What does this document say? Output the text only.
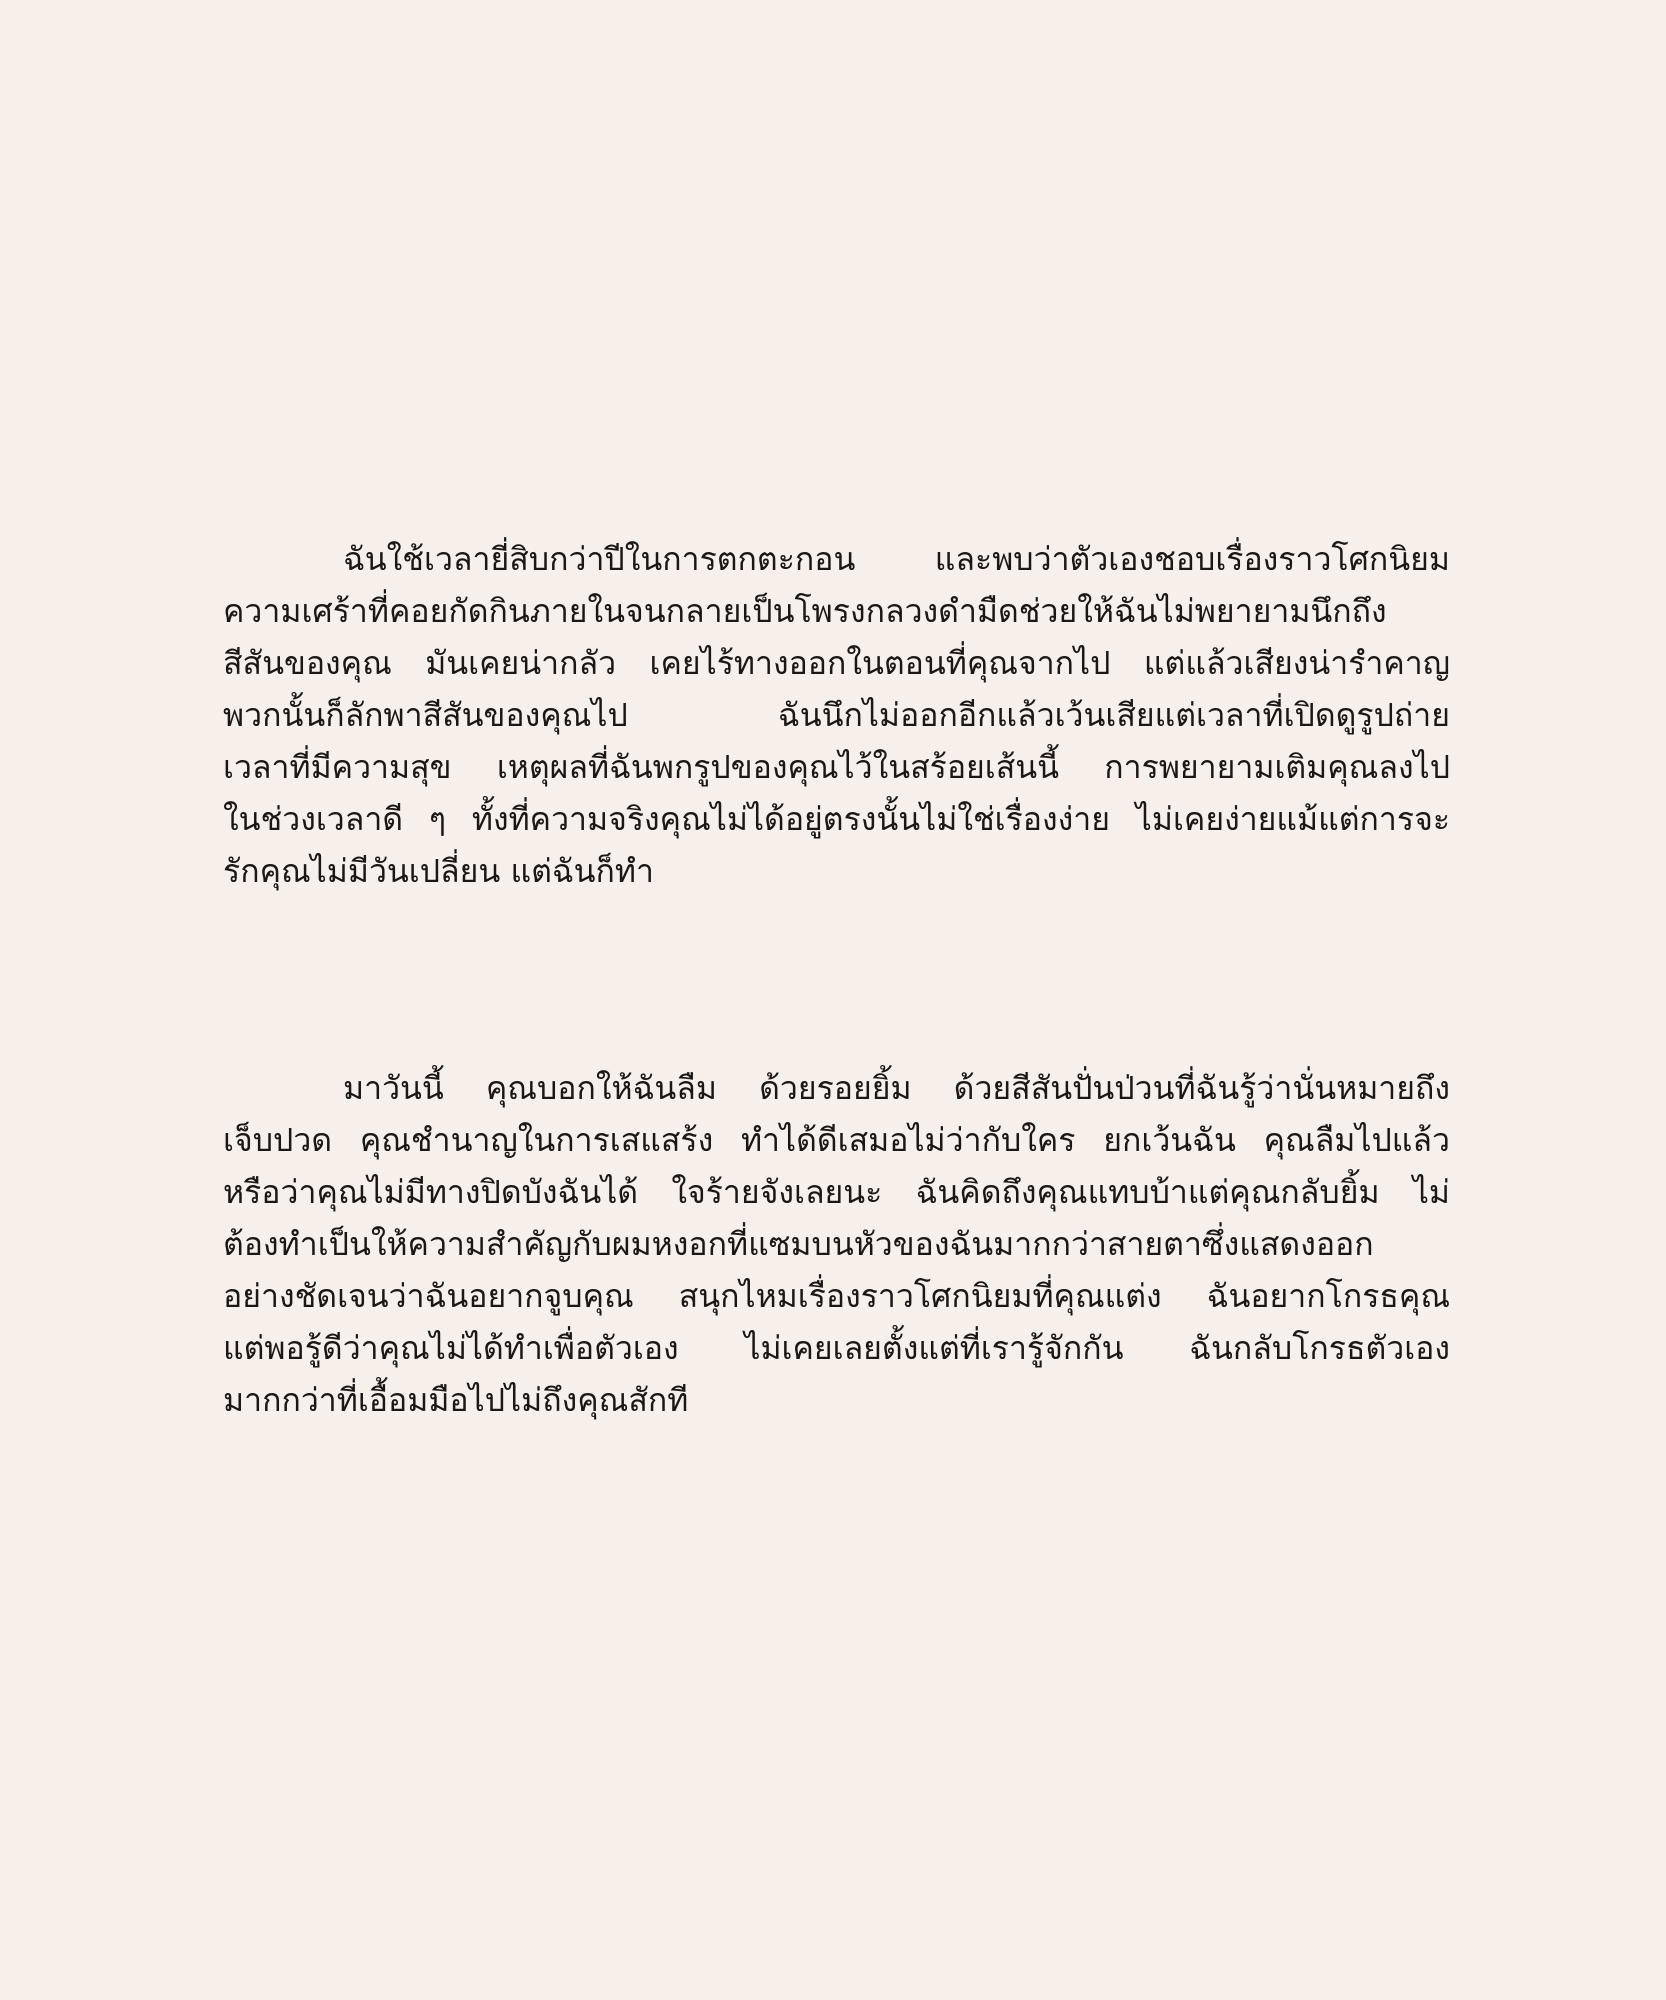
ฉันใช้เวลายี่สิบกว่าปีในการตกตะกอน และพบว่าตัวเองชอบเรื่องราวโศกนิยม
ความเศร้าที่คอยกัดกินภายในจนกลายเป็นโพรงกลวงดำมืดช่วยให้ฉันไม่พยายามนึกถึง
สีสันของคุณ มันเคยน่ากลัว เคยไร้ทางออกในตอนที่คุณจากไป แต่แล้วเสียงน่ารำคาญ
พวกนั้นก็ลักพาสีสันของคุณไป ฉันนึกไม่ออกอีกแล้วเว้นเสียแต่เวลาที่เปิดดูรูปถ่าย
เวลาที่มีความสุข เหตุผลที่ฉันพกรูปของคุณไว้ในสร้อยเส้นนี้ การพยายามเติมคุณลงไป
ในช่วงเวลาดี ๆ ทั้งที่ความจริงคุณไม่ได้อยู่ตรงนั้นไม่ใช่เรื่องง่าย ไม่เคยง่ายแม้แต่การจะ
รักคุณไม่มีวันเปลี่ยน แต่ฉันก็ทำ
มาวันนี้ คุณบอกให้ฉันลืม ด้วยรอยยิ้ม ด้วยสีสันปั่นป่วนที่ฉันรู้ว่านั่นหมายถึง
เจ็บปวด คุณชำนาญในการเสแสร้ง ทำได้ดีเสมอไม่ว่ากับใคร ยกเว้นฉัน คุณลืมไปแล้ว
หรือว่าคุณไม่มีทางปิดบังฉันได้ ใจร้ายจังเลยนะ ฉันคิดถึงคุณแทบบ้าแต่คุณกลับยิ้ม ไม่
ต้องทำเป็นให้ความสำคัญกับผมหงอกที่แซมบนหัวของฉันมากกว่าสายตาซึ่งแสดงออก
อย่างชัดเจนว่าฉันอยากจูบคุณ สนุกไหมเรื่องราวโศกนิยมที่คุณแต่ง ฉันอยากโกรธคุณ
แต่พอรู้ดีว่าคุณไม่ได้ทำเพื่อตัวเอง ไม่เคยเลยตั้งแต่ที่เรารู้จักกัน ฉันกลับโกรธตัวเอง
มากกว่าที่เอื้อมมือไปไม่ถึงคุณสักที
